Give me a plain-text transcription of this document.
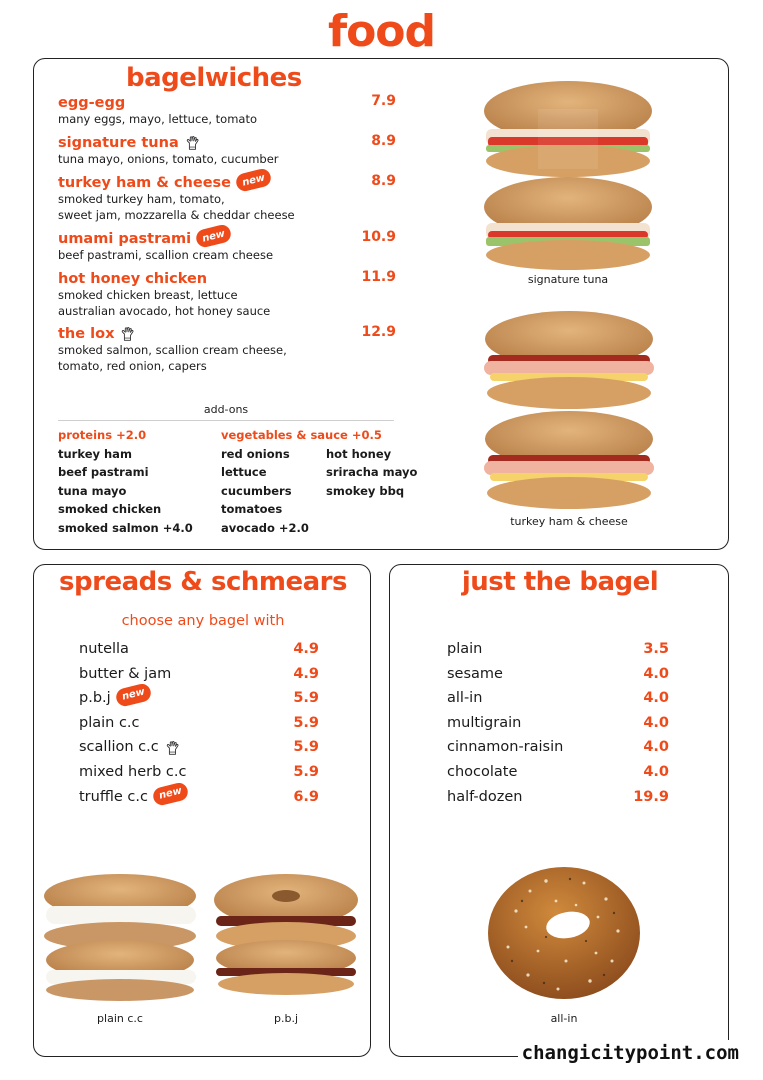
food
bagelwiches
egg-egg	7.9
many eggs, mayo, lettuce, tomato
signature tuna	8.9
tuna mayo, onions, tomato, cucumber
turkey ham & cheese	new	8.9
smoked turkey ham, tomato,
sweet jam, mozzarella & cheddar cheese
umami pastrami	new	10.9
beef pastrami, scallion cream cheese
hot honey chicken	11.9
smoked chicken breast, lettuce
australian avocado, hot honey sauce
the lox	12.9
smoked salmon, scallion cream cheese,
tomato, red onion, capers
add-ons
proteins +2.0
turkey ham
beef pastrami
tuna mayo
smoked chicken
smoked salmon +4.0
vegetables & sauce +0.5
red onions
lettuce
cucumbers
tomatoes
avocado +2.0
hot honey
sriracha mayo
smokey bbq
signature tuna
turkey ham & cheese
spreads & schmears
choose any bagel with
nutella	4.9
butter & jam	4.9
p.b.j new	5.9
plain c.c	5.9
scallion c.c	5.9
mixed herb c.c	5.9
truffle c.c new	6.9
plain c.c	p.b.j
just the bagel
plain	3.5
sesame	4.0
all-in	4.0
multigrain	4.0
cinnamon-raisin	4.0
chocolate	4.0
half-dozen	19.9
all-in
changicitypoint.com
